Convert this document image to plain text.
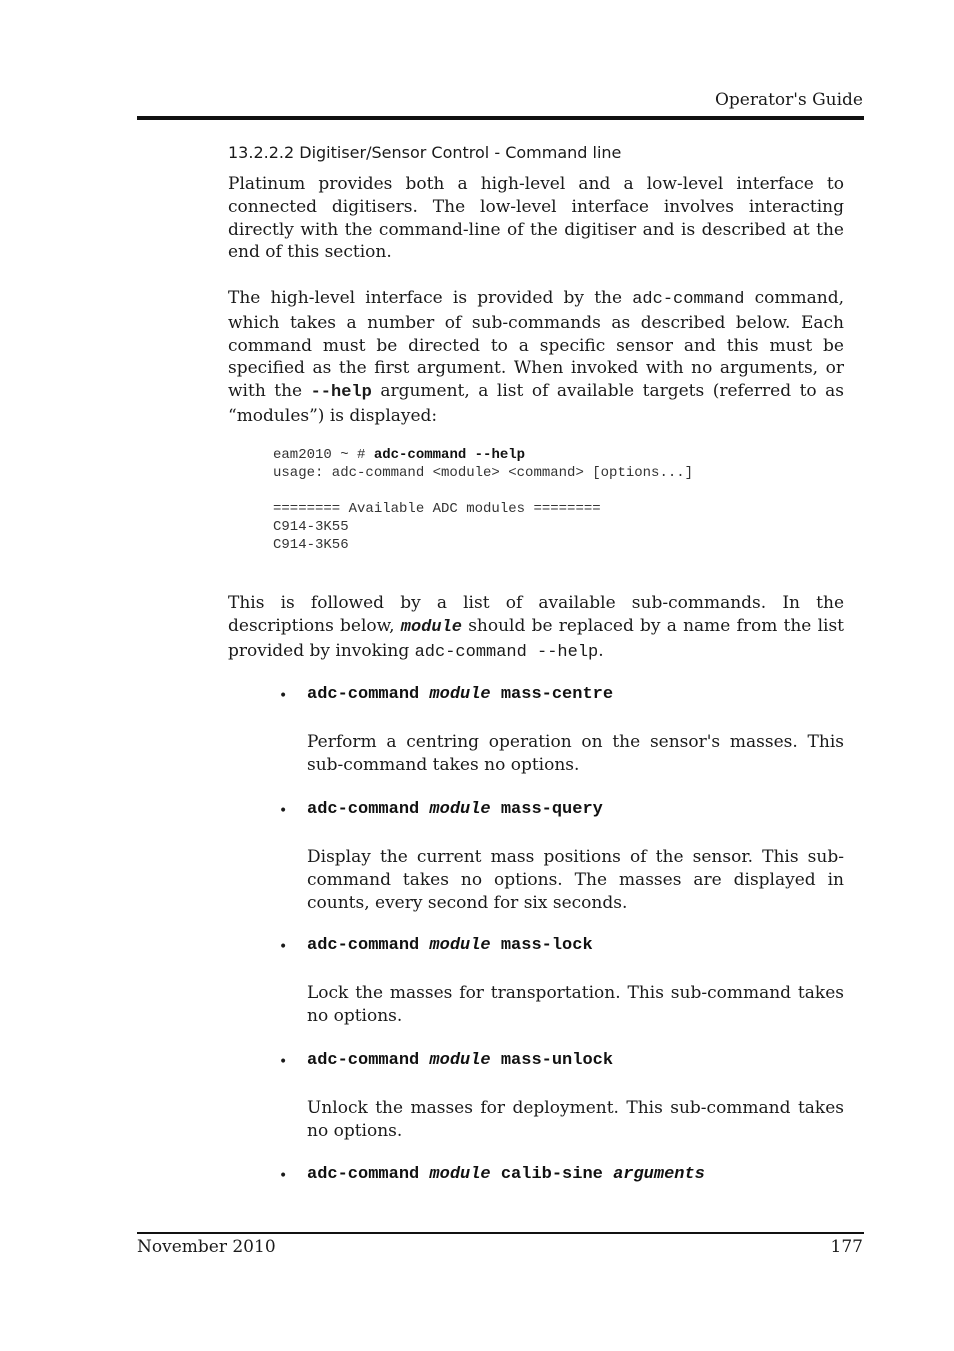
Operator's Guide
13.2.2.2 Digitiser/Sensor Control - Command line

Platinum provides both a high-level and a low-level interface to connected digitisers. The low-level interface involves interacting directly with the command-line of the digitiser and is described at the end of this section.

The high-level interface is provided by the adc-command command, which takes a number of sub-commands as described below. Each command must be directed to a specific sensor and this must be specified as the first argument. When invoked with no arguments, or with the --help argument, a list of available targets (referred to as “modules”) is displayed:

eam2010 ~ # adc-command --help
usage: adc-command <module> <command> [options...]

======== Available ADC modules ========
C914-3K55
C914-3K56

This is followed by a list of available sub-commands. In the descriptions below, module should be replaced by a name from the list provided by invoking adc-command --help.

• adc-command module mass-centre

Perform a centring operation on the sensor's masses. This sub-command takes no options.

• adc-command module mass-query

Display the current mass positions of the sensor. This sub-command takes no options. The masses are displayed in counts, every second for six seconds.

• adc-command module mass-lock

Lock the masses for transportation. This sub-command takes no options.

• adc-command module mass-unlock

Unlock the masses for deployment. This sub-command takes no options.

• adc-command module calib-sine arguments
November 2010	177
